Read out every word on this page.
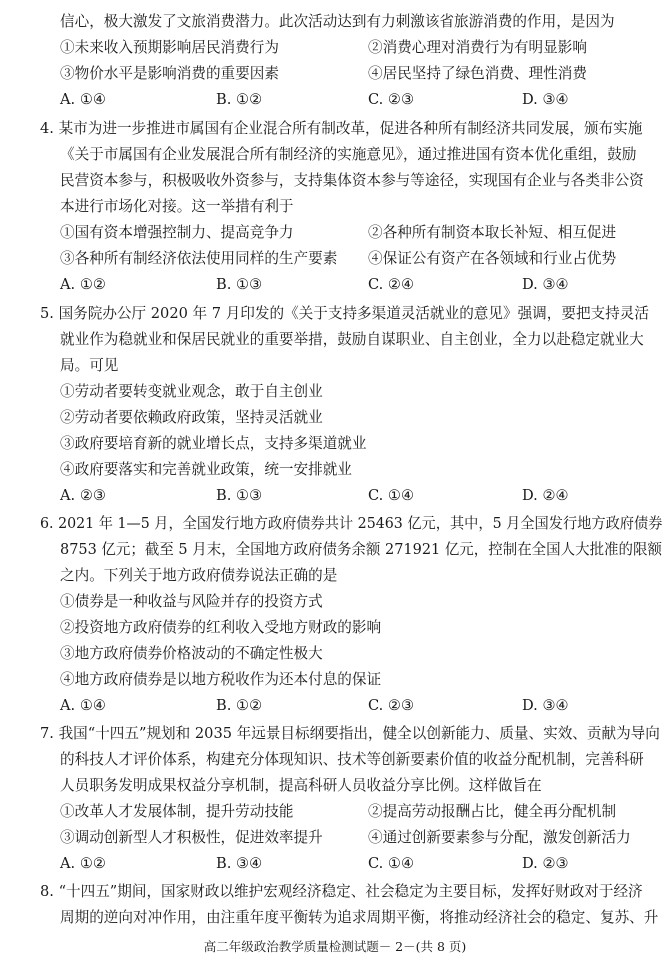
信心，极大激发了文旅消费潜力。此次活动达到有力刺激该省旅游消费的作用，是因为
①未来收入预期影响居民消费行为	②消费心理对消费行为有明显影响
③物价水平是影响消费的重要因素	④居民坚持了绿色消费、理性消费
A. ①④	B. ①②	C. ②③	D. ③④
4. 某市为进一步推进市属国有企业混合所有制改革，促进各种所有制经济共同发展，颁布实施
《关于市属国有企业发展混合所有制经济的实施意见》，通过推进国有资本优化重组，鼓励
民营资本参与，积极吸收外资参与，支持集体资本参与等途径，实现国有企业与各类非公资
本进行市场化对接。这一举措有利于
①国有资本增强控制力、提高竞争力	②各种所有制资本取长补短、相互促进
③各种所有制经济依法使用同样的生产要素 ④保证公有资产在各领域和行业占优势
A. ①②	B. ①③	C. ②④	D. ③④
5. 国务院办公厅 2020 年 7 月印发的《关于支持多渠道灵活就业的意见》强调，要把支持灵活
就业作为稳就业和保居民就业的重要举措，鼓励自谋职业、自主创业，全力以赴稳定就业大
局。可见
①劳动者要转变就业观念，敢于自主创业
②劳动者要依赖政府政策，坚持灵活就业
③政府要培育新的就业增长点，支持多渠道就业
④政府要落实和完善就业政策，统一安排就业
A. ②③	B. ①③	C. ①④	D. ②④
6. 2021 年 1—5 月，全国发行地方政府债券共计 25463 亿元，其中，5 月全国发行地方政府债券
8753 亿元；截至 5 月末，全国地方政府债务余额 271921 亿元，控制在全国人大批准的限额
之内。下列关于地方政府债券说法正确的是
①债券是一种收益与风险并存的投资方式
②投资地方政府债券的红利收入受地方财政的影响
③地方政府债券价格波动的不确定性极大
④地方政府债券是以地方税收作为还本付息的保证
A. ①④	B. ①②	C. ②③	D. ③④
7. 我国“十四五”规划和 2035 年远景目标纲要指出，健全以创新能力、质量、实效、贡献为导向
的科技人才评价体系，构建充分体现知识、技术等创新要素价值的收益分配机制，完善科研
人员职务发明成果权益分享机制，提高科研人员收益分享比例。这样做旨在
①改革人才发展体制，提升劳动技能	②提高劳动报酬占比，健全再分配机制
③调动创新型人才积极性，促进效率提升	④通过创新要素参与分配，激发创新活力
A. ①②	B. ③④	C. ①④	D. ②③
8. “十四五”期间，国家财政以维护宏观经济稳定、社会稳定为主要目标，发挥好财政对于经济
周期的逆向对冲作用，由注重年度平衡转为追求周期平衡，将推动经济社会的稳定、复苏、升
高二年级政治教学质量检测试题－ 2－(共 8 页)
